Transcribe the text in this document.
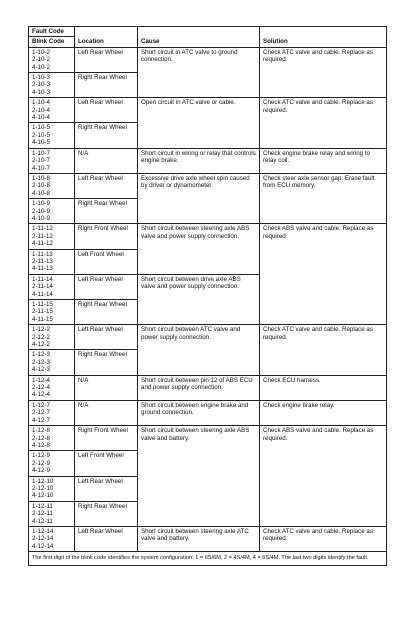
Fault Code			
Blink Code	Location	Cause	Solution
1-10-2
2-10-2
4-10-2	Left Rear Wheel	Short circuit in ATC valve to ground connection.	Check ATC valve and cable. Replace as required.
1-10-3
2-10-3
4-10-3	Right Rear Wheel		
1-10-4
2-10-4
4-10-4	Left Rear Wheel	Open circuit in ATC valve or cable.	Check ATC valve and cable. Replace as required.
1-10-5
2-10-5
4-10-5	Right Rear Wheel		
1-10-7
2-10-7
4-10-7	N/A	Short circuit in wiring or relay that controls engine brake.	Check engine brake relay and wiring to relay coil.
1-10-8
2-10-8
4-10-8	Left Rear Wheel	Excessive drive axle wheel spin caused by driver or dynamometer.	Check steer axle sensor gap. Erase fault from ECU memory.
1-10-9
2-10-9
4-10-9	Right Rear Wheel		
1-11-12
2-11-12
4-11-12	Right Front Wheel	Short circuit between steering axle ABS valve and power supply connection.	Check ABS valve and cable. Replace as required.
1-11-13
2-11-13
4-11-13	Left Front Wheel		
1-11-14
2-11-14
4-11-14	Left Rear Wheel	Short circuit between drive axle ABS valve and power supply connection.	
1-11-15
2-11-15
4-11-15	Right Rear Wheel		
1-12-2
2-12-2
4-12-2	Left Rear Wheel	Short circuit between ATC valve and power supply connection.	Check ATC valve and cable. Replace as required.
1-12-3
2-12-3
4-12-3	Right Rear Wheel		
1-12-4
2-12-4
4-12-4	N/A	Short circuit between pin 12 of ABS ECU and power supply connection.	Check ECU harness.
1-12-7
2-12-7
4-12-7	N/A	Short circuit between engine brake and ground connection.	Check engine brake relay.
1-12-8
2-12-8
4-12-8	Right Front Wheel	Short circuit between steering axle ABS valve and battery.	Check ABS valve and cable. Replace as required.
1-12-9
2-12-9
4-12-9	Left Front Wheel		
1-12-10
2-12-10
4-12-10	Left Rear Wheel		
1-12-11
2-12-11
4-12-11	Right Rear Wheel		
1-12-14
2-12-14
4-12-14	Left Rear Wheel	Short circuit between steering axle ATC valve and battery.	Check ATC valve and cable. Replace as required.
The first digit of the blink code identifies the system configuration: 1 = 6S/6M, 2 = 4S/4M, 4 = 6S/4M. The last two digits identify the fault.			
